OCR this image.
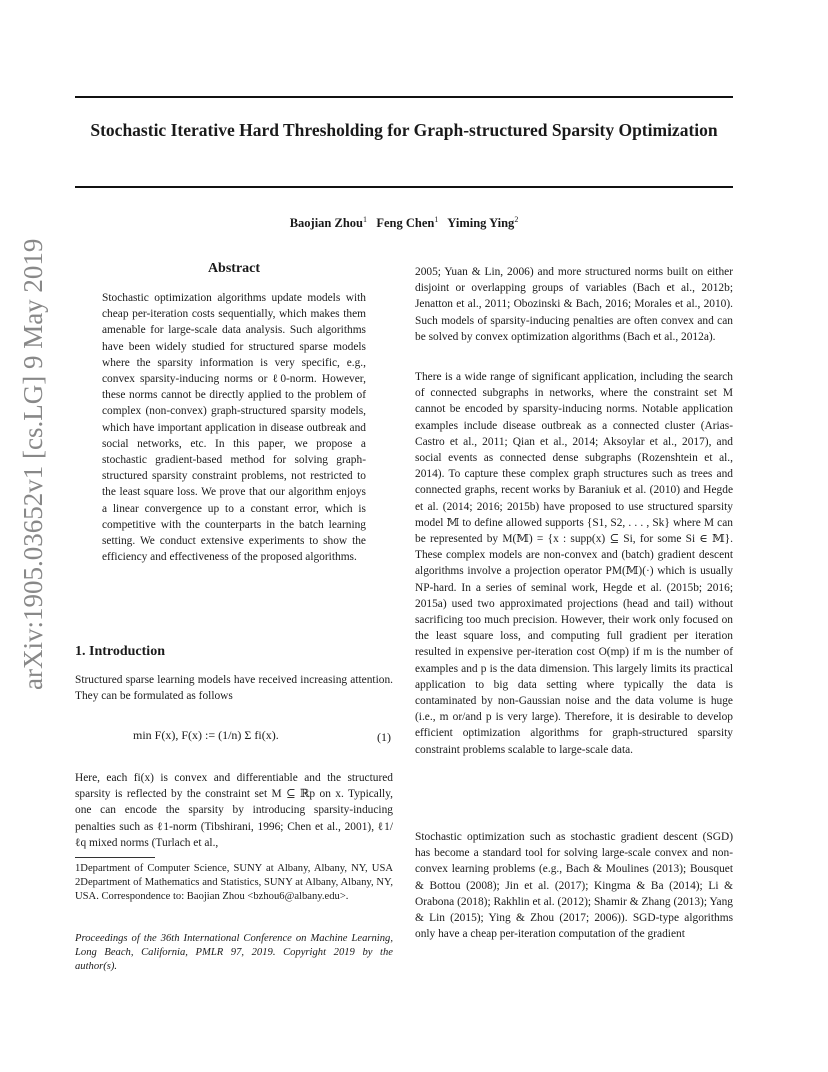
Stochastic Iterative Hard Thresholding for Graph-structured Sparsity Optimization
Baojian Zhou$^1$ Feng Chen$^1$ Yiming Ying$^2$
arXiv:1905.03652v1 [cs.LG] 9 May 2019	Abstract

Stochastic optimization algorithms update models with cheap per-iteration costs sequentially, which makes them amenable for large-scale data analysis. Such algorithms have been widely studied for structured sparse models where the sparsity information is very specific, e.g., convex sparsity-inducing norms or ℓ0-norm. However, these norms cannot be directly applied to the problem of complex (non-convex) graph-structured sparsity models, which have important application in disease outbreak and social networks, etc. In this paper, we propose a stochastic gradient-based method for solving graph-structured sparsity constraint problems, not restricted to the least square loss. We prove that our algorithm enjoys a linear convergence up to a constant error, which is competitive with the counterparts in the batch learning setting. We conduct extensive experiments to show the efficiency and effectiveness of the proposed algorithms.

1. Introduction

Structured sparse learning models have received increasing attention. They can be formulated as follows

min F(x), F(x) := (1/n) Σ fi(x).	(1)

Here, each fi(x) is convex and differentiable and the structured sparsity is reflected by the constraint set M ⊆ ℝp on x. Typically, one can encode the sparsity by introducing sparsity-inducing penalties such as ℓ1-norm (Tibshirani, 1996; Chen et al., 2001), ℓ1/ℓq mixed norms (Turlach et al.,

1Department of Computer Science, SUNY at Albany, Albany, NY, USA 2Department of Mathematics and Statistics, SUNY at Albany, Albany, NY, USA. Correspondence to: Baojian Zhou <bzhou6@albany.edu>.

Proceedings of the 36th International Conference on Machine Learning, Long Beach, California, PMLR 97, 2019. Copyright 2019 by the author(s).

2005; Yuan & Lin, 2006) and more structured norms built on either disjoint or overlapping groups of variables (Bach et al., 2012b; Jenatton et al., 2011; Obozinski & Bach, 2016; Morales et al., 2010). Such models of sparsity-inducing penalties are often convex and can be solved by convex optimization algorithms (Bach et al., 2012a).

There is a wide range of significant application, including the search of connected subgraphs in networks, where the constraint set M cannot be encoded by sparsity-inducing norms. Notable application examples include disease outbreak as a connected cluster (Arias-Castro et al., 2011; Qian et al., 2014; Aksoylar et al., 2017), and social events as connected dense subgraphs (Rozenshtein et al., 2014). To capture these complex graph structures such as trees and connected graphs, recent works by Baraniuk et al. (2010) and Hegde et al. (2014; 2016; 2015b) have proposed to use structured sparsity model 𝕄 to define allowed supports {S1, S2, . . . , Sk} where M can be represented by M(𝕄) = {x : supp(x) ⊆ Si, for some Si ∈ 𝕄}. These complex models are non-convex and (batch) gradient descent algorithms involve a projection operator PM(𝕄)(·) which is usually NP-hard. In a series of seminal work, Hegde et al. (2015b; 2016; 2015a) used two approximated projections (head and tail) without sacrificing too much precision. However, their work only focused on the least square loss, and computing full gradient per iteration resulted in expensive per-iteration cost O(mp) if m is the number of examples and p is the data dimension. This largely limits its practical application to big data setting where typically the data is contaminated by non-Gaussian noise and the data volume is huge (i.e., m or/and p is very large). Therefore, it is desirable to develop efficient optimization algorithms for graph-structured sparsity constraint problems scalable to large-scale data.

Stochastic optimization such as stochastic gradient descent (SGD) has become a standard tool for solving large-scale convex and non-convex learning problems (e.g., Bach & Moulines (2013); Bousquet & Bottou (2008); Jin et al. (2017); Kingma & Ba (2014); Li & Orabona (2018); Rakhlin et al. (2012); Shamir & Zhang (2013); Yang & Lin (2015); Ying & Zhou (2017; 2006)). SGD-type algorithms only have a cheap per-iteration computation of the gradient
